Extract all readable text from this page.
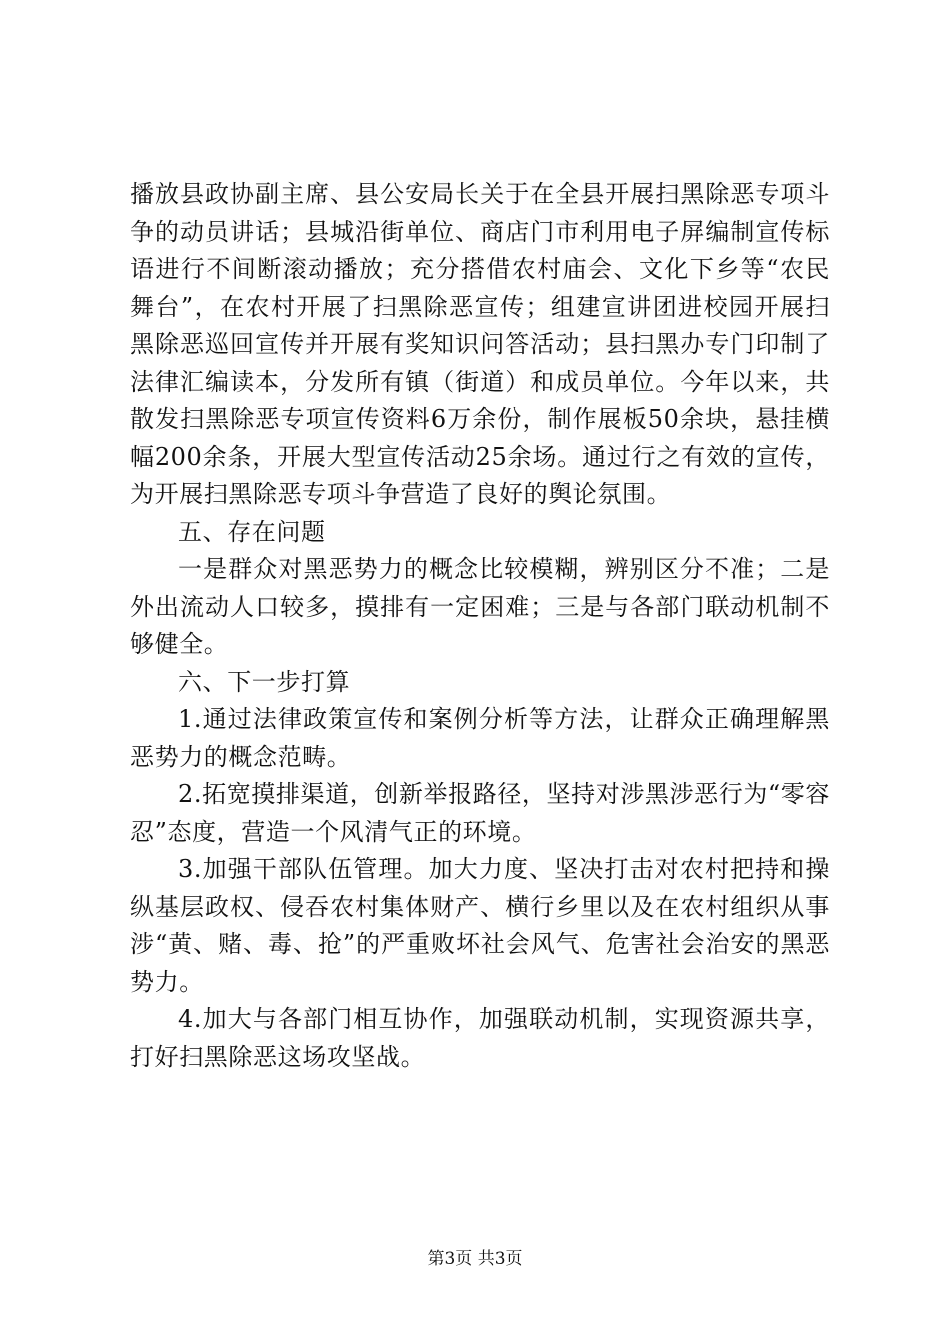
播放县政协副主席、县公安局长关于在全县开展扫黑除恶专项斗争的动员讲话；县城沿街单位、商店门市利用电子屏编制宣传标语进行不间断滚动播放；充分搭借农村庙会、文化下乡等“农民舞台”，在农村开展了扫黑除恶宣传；组建宣讲团进校园开展扫黑除恶巡回宣传并开展有奖知识问答活动；县扫黑办专门印制了法律汇编读本，分发所有镇（街道）和成员单位。今年以来，共散发扫黑除恶专项宣传资料6万余份，制作展板50余块，悬挂横幅200余条，开展大型宣传活动25余场。通过行之有效的宣传，为开展扫黑除恶专项斗争营造了良好的舆论氛围。

五、存在问题

一是群众对黑恶势力的概念比较模糊，辨别区分不准；二是外出流动人口较多，摸排有一定困难；三是与各部门联动机制不够健全。

六、下一步打算

1.通过法律政策宣传和案例分析等方法，让群众正确理解黑恶势力的概念范畴。

2.拓宽摸排渠道，创新举报路径，坚持对涉黑涉恶行为“零容忍”态度，营造一个风清气正的环境。

3.加强干部队伍管理。加大力度、坚决打击对农村把持和操纵基层政权、侵吞农村集体财产、横行乡里以及在农村组织从事涉“黄、赌、毒、抢”的严重败坏社会风气、危害社会治安的黑恶势力。

4.加大与各部门相互协作，加强联动机制，实现资源共享，打好扫黑除恶这场攻坚战。

第3页 共3页
